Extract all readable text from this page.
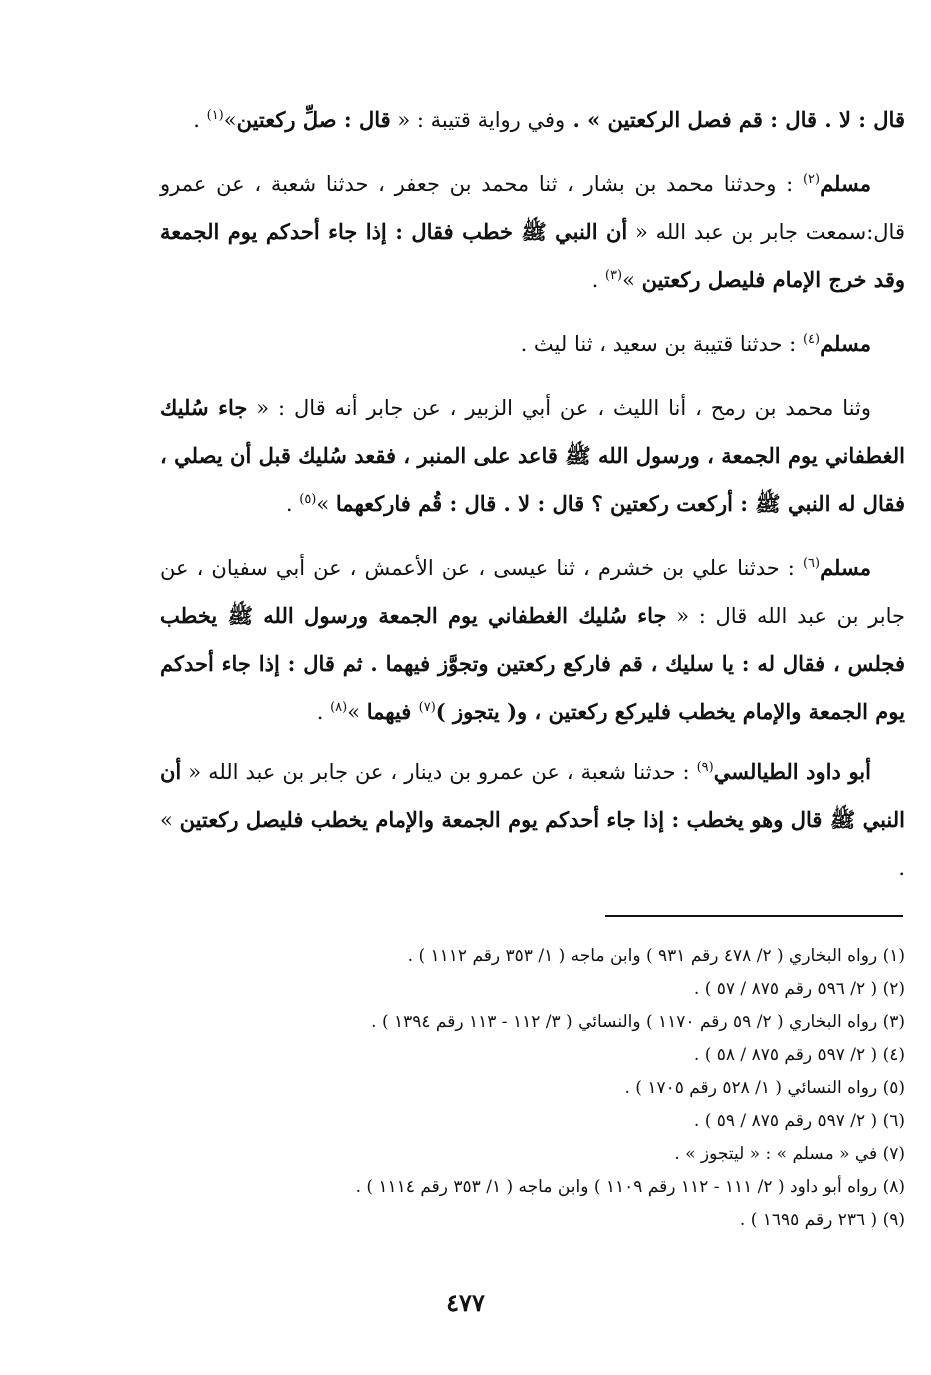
قال : لا . قال : قم فصل الركعتين » . وفي رواية قتيبة : « قال : صلِّ ركعتين»$^{(١)}$ .

مسلم$^{(٢)}$ : وحدثنا محمد بن بشار ، ثنا محمد بن جعفر ، حدثنا شعبة ، عن عمرو قال:سمعت جابر بن عبد الله « أن النبي ﷺ خطب فقال : إذا جاء أحدكم يوم الجمعة وقد خرج الإمام فليصل ركعتين »$^{(٣)}$ .

مسلم$^{(٤)}$ : حدثنا قتيبة بن سعيد ، ثنا ليث .

وثنا محمد بن رمح ، أنا الليث ، عن أبي الزبير ، عن جابر أنه قال : « جاء سُليك الغطفاني يوم الجمعة ، ورسول الله ﷺ قاعد على المنبر ، فقعد سُليك قبل أن يصلي ، فقال له النبي ﷺ : أركعت ركعتين ؟ قال : لا . قال : قُم فاركعهما »$^{(٥)}$ .

مسلم$^{(٦)}$ : حدثنا علي بن خشرم ، ثنا عيسى ، عن الأعمش ، عن أبي سفيان ، عن جابر بن عبد الله قال : « جاء سُليك الغطفاني يوم الجمعة ورسول الله ﷺ يخطب فجلس ، فقال له : يا سليك ، قم فاركع ركعتين وتجوَّز فيهما . ثم قال : إذا جاء أحدكم يوم الجمعة والإمام يخطب فليركع ركعتين ، و( يتجوز )$^{(٧)}$ فيهما »$^{(٨)}$ .

أبو داود الطيالسي$^{(٩)}$ : حدثنا شعبة ، عن عمرو بن دينار ، عن جابر بن عبد الله « أن النبي ﷺ قال وهو يخطب : إذا جاء أحدكم يوم الجمعة والإمام يخطب فليصل ركعتين » .

(١) رواه البخاري ( ٢/ ٤٧٨ رقم ٩٣١ ) وابن ماجه ( ١/ ٣٥٣ رقم ١١١٢ ) .

(٢) ( ٢/ ٥٩٦ رقم ٨٧٥ / ٥٧ ) .

(٣) رواه البخاري ( ٢/ ٥٩ رقم ١١٧٠ ) والنسائي ( ٣/ ١١٢ - ١١٣ رقم ١٣٩٤ ) .

(٤) ( ٢/ ٥٩٧ رقم ٨٧٥ / ٥٨ ) .

(٥) رواه النسائي ( ١/ ٥٢٨ رقم ١٧٠٥ ) .

(٦) ( ٢/ ٥٩٧ رقم ٨٧٥ / ٥٩ ) .

(٧) في « مسلم » : « ليتجوز » .

(٨) رواه أبو داود ( ٢/ ١١١ - ١١٢ رقم ١١٠٩ ) وابن ماجه ( ١/ ٣٥٣ رقم ١١١٤ ) .

(٩) ( ٢٣٦ رقم ١٦٩٥ ) .

٤٧٧
